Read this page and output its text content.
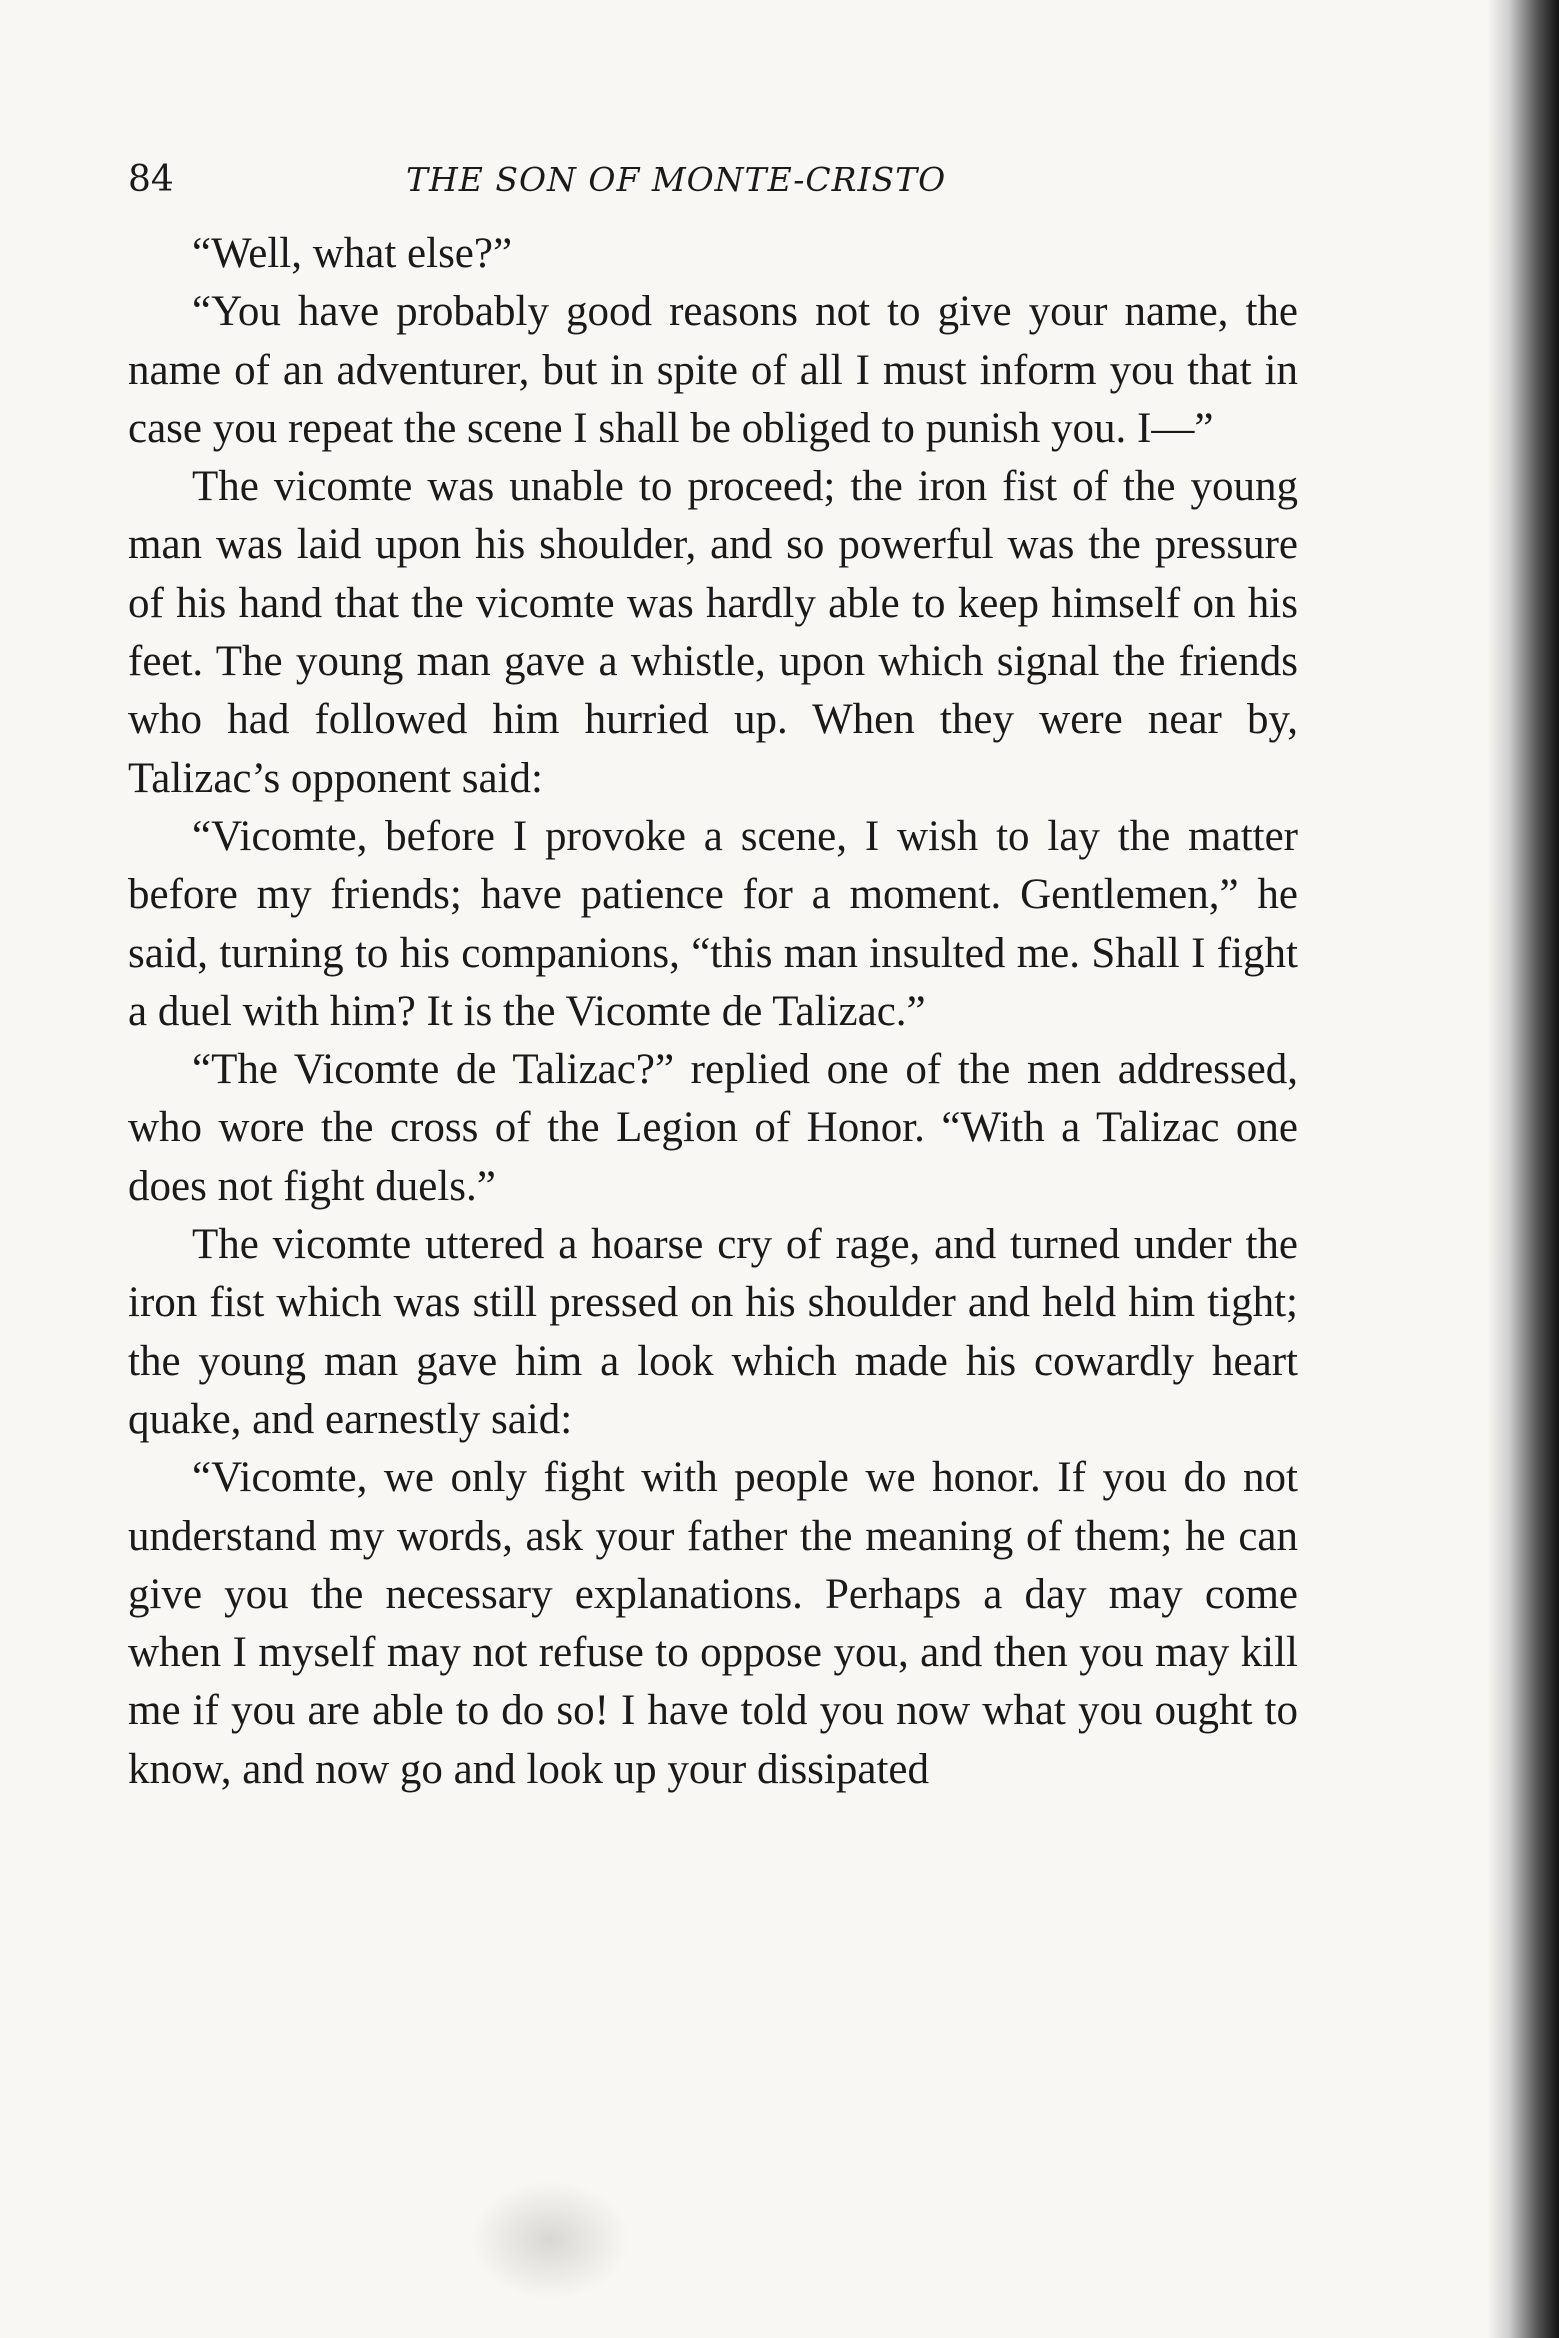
84	THE SON OF MONTE-CRISTO

“Well, what else?”

“You have probably good reasons not to give your name, the name of an adventurer, but in spite of all I must inform you that in case you repeat the scene I shall be obliged to punish you. I—”

The vicomte was unable to proceed; the iron fist of the young man was laid upon his shoulder, and so powerful was the pressure of his hand that the vicomte was hardly able to keep himself on his feet. The young man gave a whistle, upon which signal the friends who had followed him hurried up. When they were near by, Talizac’s opponent said:

“Vicomte, before I provoke a scene, I wish to lay the matter before my friends; have patience for a moment. Gentlemen,” he said, turning to his companions, “this man insulted me. Shall I fight a duel with him? It is the Vicomte de Talizac.”

“The Vicomte de Talizac?” replied one of the men addressed, who wore the cross of the Legion of Honor. “With a Talizac one does not fight duels.”

The vicomte uttered a hoarse cry of rage, and turned under the iron fist which was still pressed on his shoulder and held him tight; the young man gave him a look which made his cowardly heart quake, and earnestly said:

“Vicomte, we only fight with people we honor. If you do not understand my words, ask your father the meaning of them; he can give you the necessary explanations. Perhaps a day may come when I myself may not refuse to oppose you, and then you may kill me if you are able to do so! I have told you now what you ought to know, and now go and look up your dissipated
